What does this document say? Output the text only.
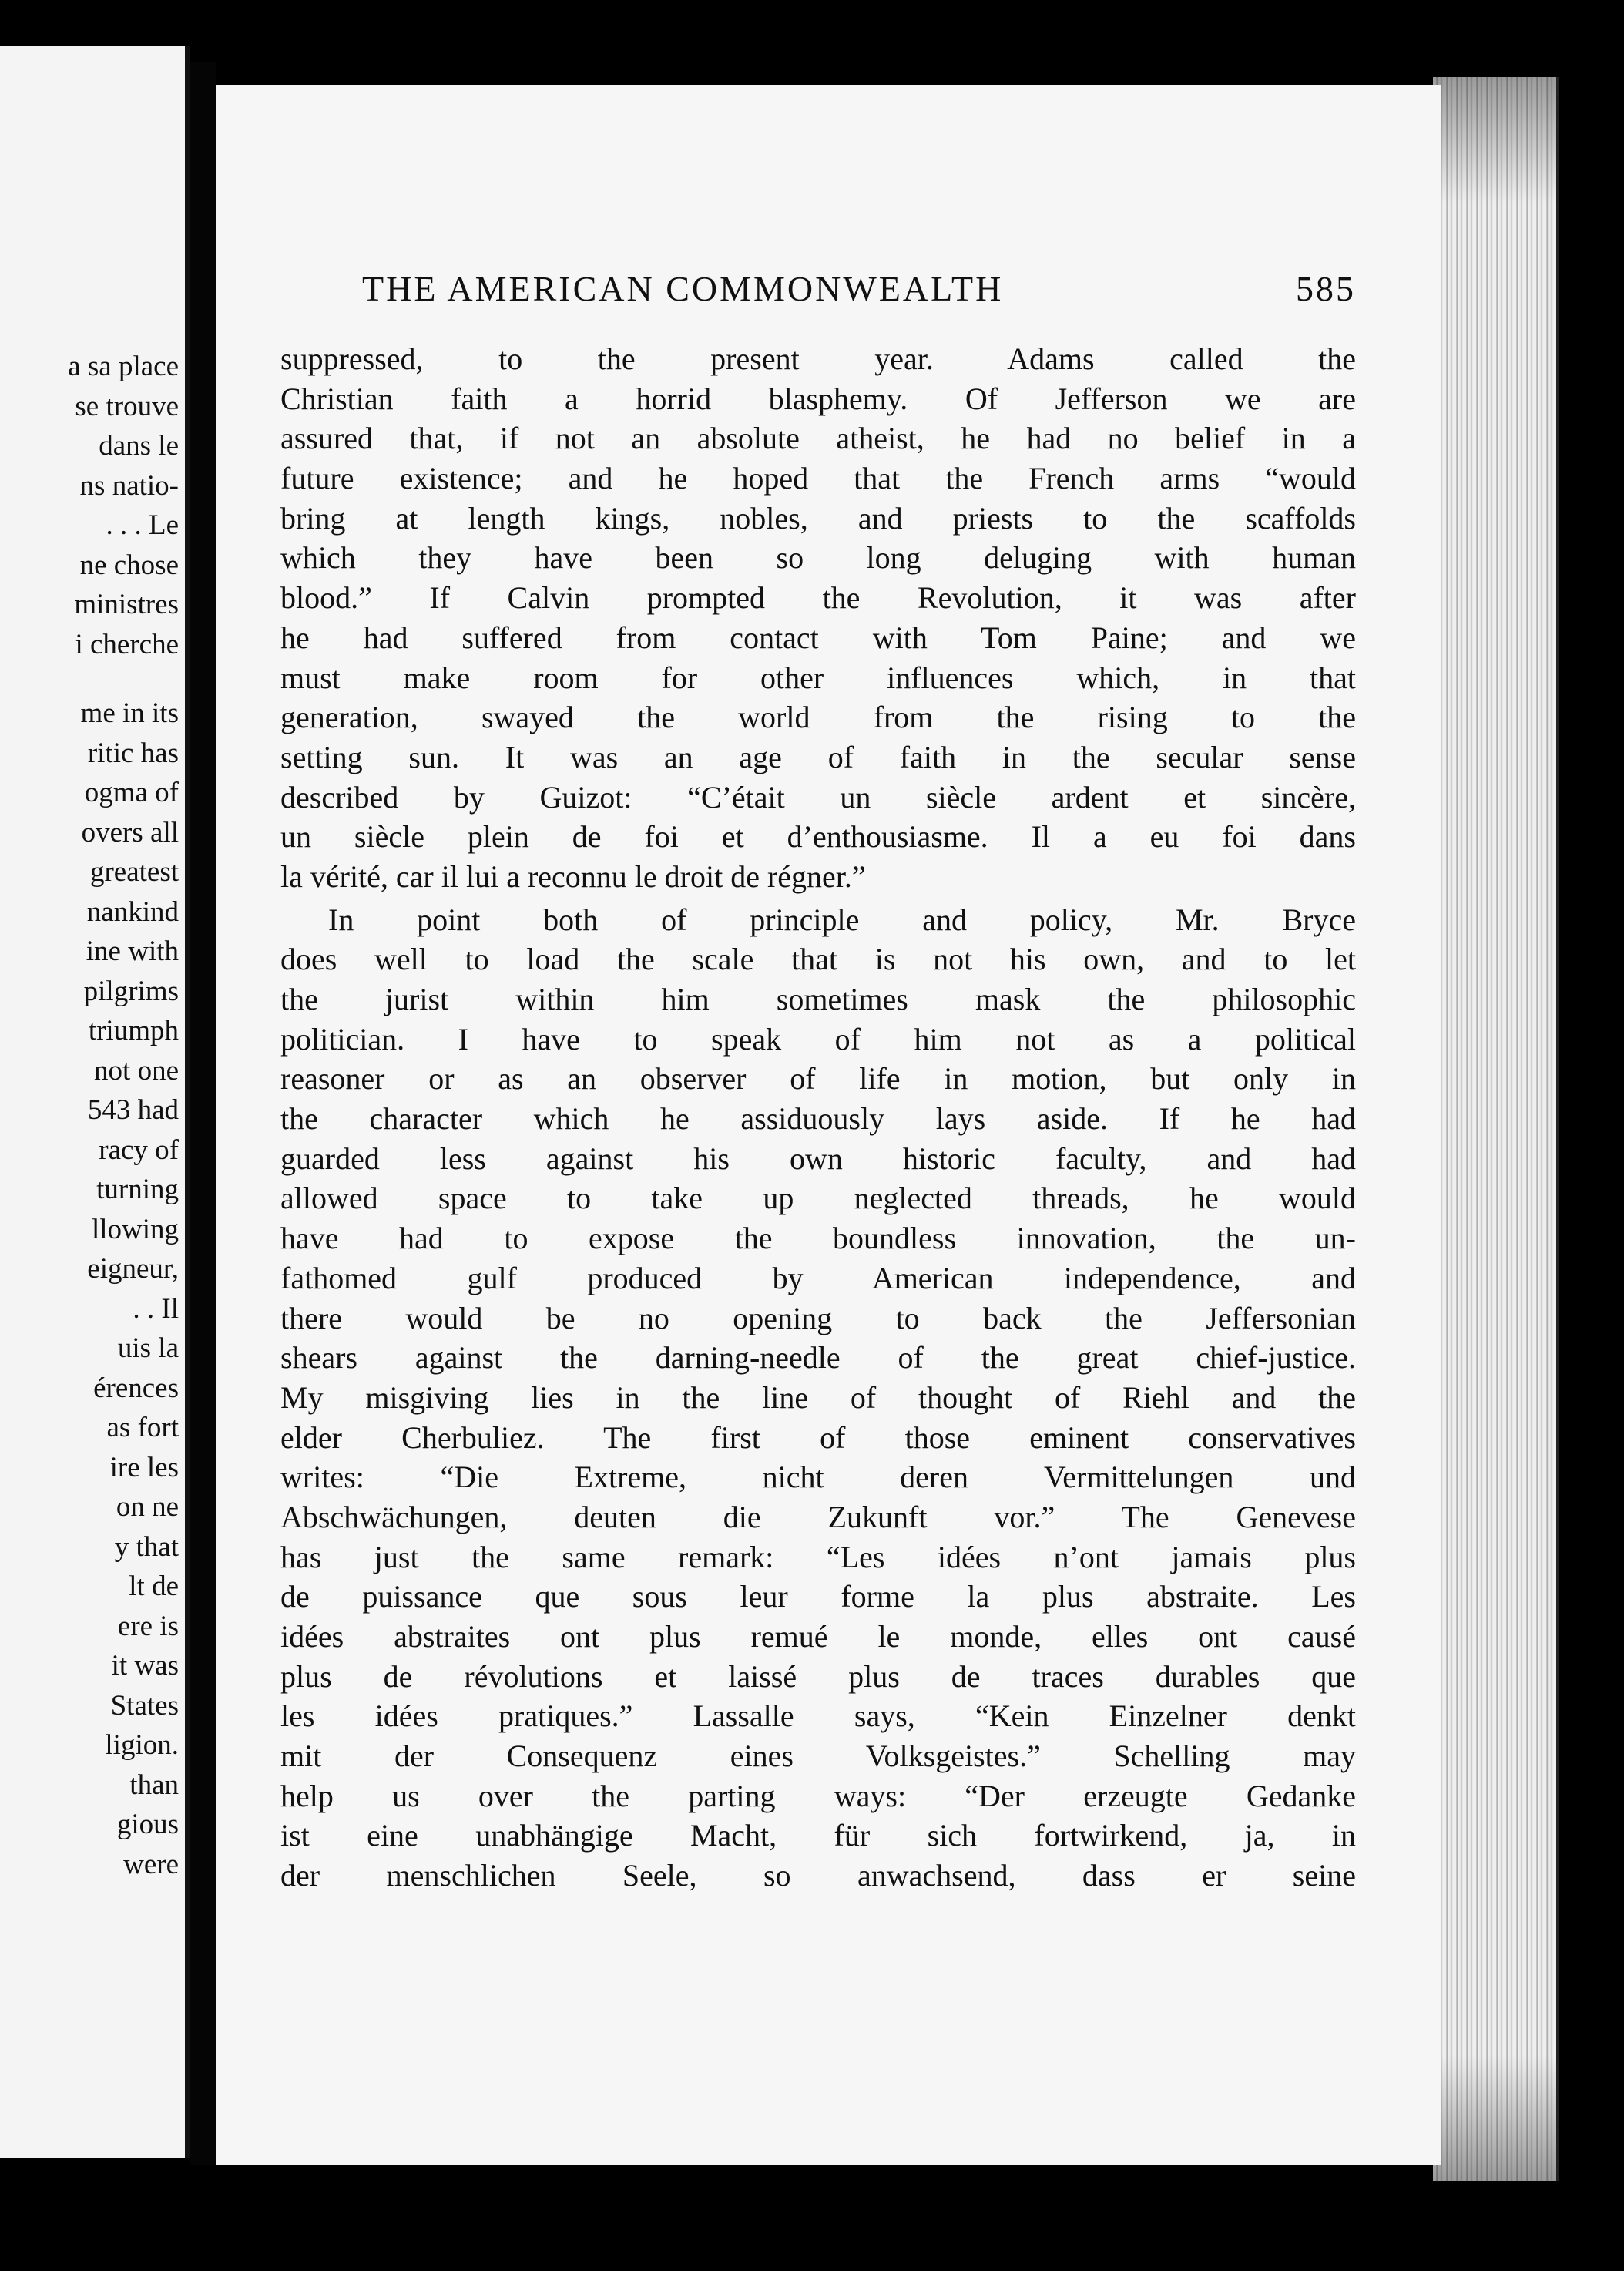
a sa place
se trouve
dans le
ns natio-
. . . Le
ne chose
ministres
i cherche
me in its
ritic has
ogma of
overs all
greatest
nankind
ine with
pilgrims
triumph
not one
543 had
racy of
turning
llowing
eigneur,
. . Il
uis la
érences
as fort
ire les
on ne
y that
lt de
ere is
it was
States
ligion.
than
gious
were
THE AMERICAN COMMONWEALTH	585
suppressed, to the present year. Adams called the
Christian faith a horrid blasphemy. Of Jefferson we are
assured that, if not an absolute atheist, he had no belief in a
future existence; and he hoped that the French arms “would
bring at length kings, nobles, and priests to the scaffolds
which they have been so long deluging with human
blood.” If Calvin prompted the Revolution, it was after
he had suffered from contact with Tom Paine; and we
must make room for other influences which, in that
generation, swayed the world from the rising to the
setting sun. It was an age of faith in the secular sense
described by Guizot: “C’était un siècle ardent et sincère,
un siècle plein de foi et d’enthousiasme. Il a eu foi dans
la vérité, car il lui a reconnu le droit de régner.”
In point both of principle and policy, Mr. Bryce
does well to load the scale that is not his own, and to let
the jurist within him sometimes mask the philosophic
politician. I have to speak of him not as a political
reasoner or as an observer of life in motion, but only in
the character which he assiduously lays aside. If he had
guarded less against his own historic faculty, and had
allowed space to take up neglected threads, he would
have had to expose the boundless innovation, the un-
fathomed gulf produced by American independence, and
there would be no opening to back the Jeffersonian
shears against the darning-needle of the great chief-justice.
My misgiving lies in the line of thought of Riehl and the
elder Cherbuliez. The first of those eminent conservatives
writes: “Die Extreme, nicht deren Vermittelungen und
Abschwächungen, deuten die Zukunft vor.” The Genevese
has just the same remark: “Les idées n’ont jamais plus
de puissance que sous leur forme la plus abstraite. Les
idées abstraites ont plus remué le monde, elles ont causé
plus de révolutions et laissé plus de traces durables que
les idées pratiques.” Lassalle says, “Kein Einzelner denkt
mit der Consequenz eines Volksgeistes.” Schelling may
help us over the parting ways: “Der erzeugte Gedanke
ist eine unabhängige Macht, für sich fortwirkend, ja, in
der menschlichen Seele, so anwachsend, dass er seine
